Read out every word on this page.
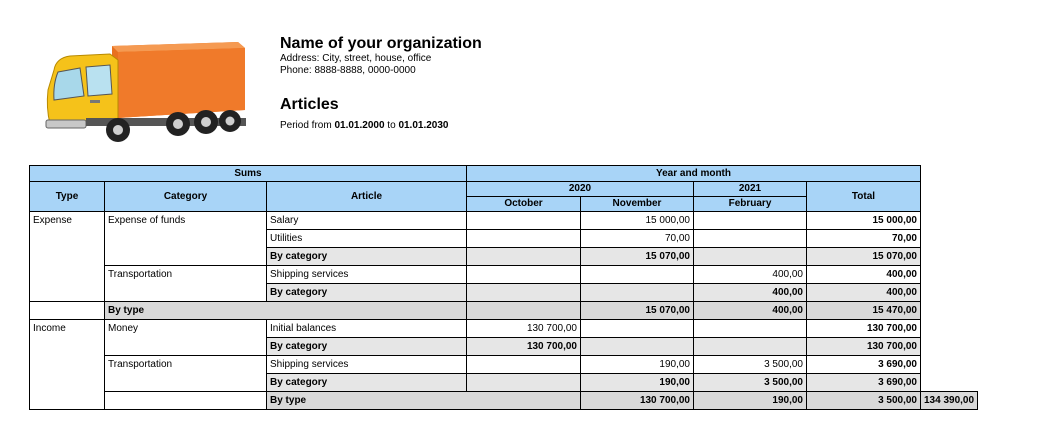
Name of your organization
Address: City, street, house, office
Phone: 8888-8888, 0000-0000
Articles
Period from 01.01.2000 to 01.01.2030
Sums			Year and month				
Type	Category	Article	2020		2021	Total	
			October	November	February		
Expense	Expense of funds	Salary		15 000,00		15 000,00	
		Utilities		70,00		70,00	
		By category		15 070,00		15 070,00	
	Transportation	Shipping services			400,00	400,00	
		By category			400,00	400,00	
	By type			15 070,00	400,00	15 470,00	
Income	Money	Initial balances	130 700,00			130 700,00	
		By category	130 700,00			130 700,00	
	Transportation	Shipping services		190,00	3 500,00	3 690,00	
		By category		190,00	3 500,00	3 690,00	
		By type		130 700,00	190,00	3 500,00	134 390,00
